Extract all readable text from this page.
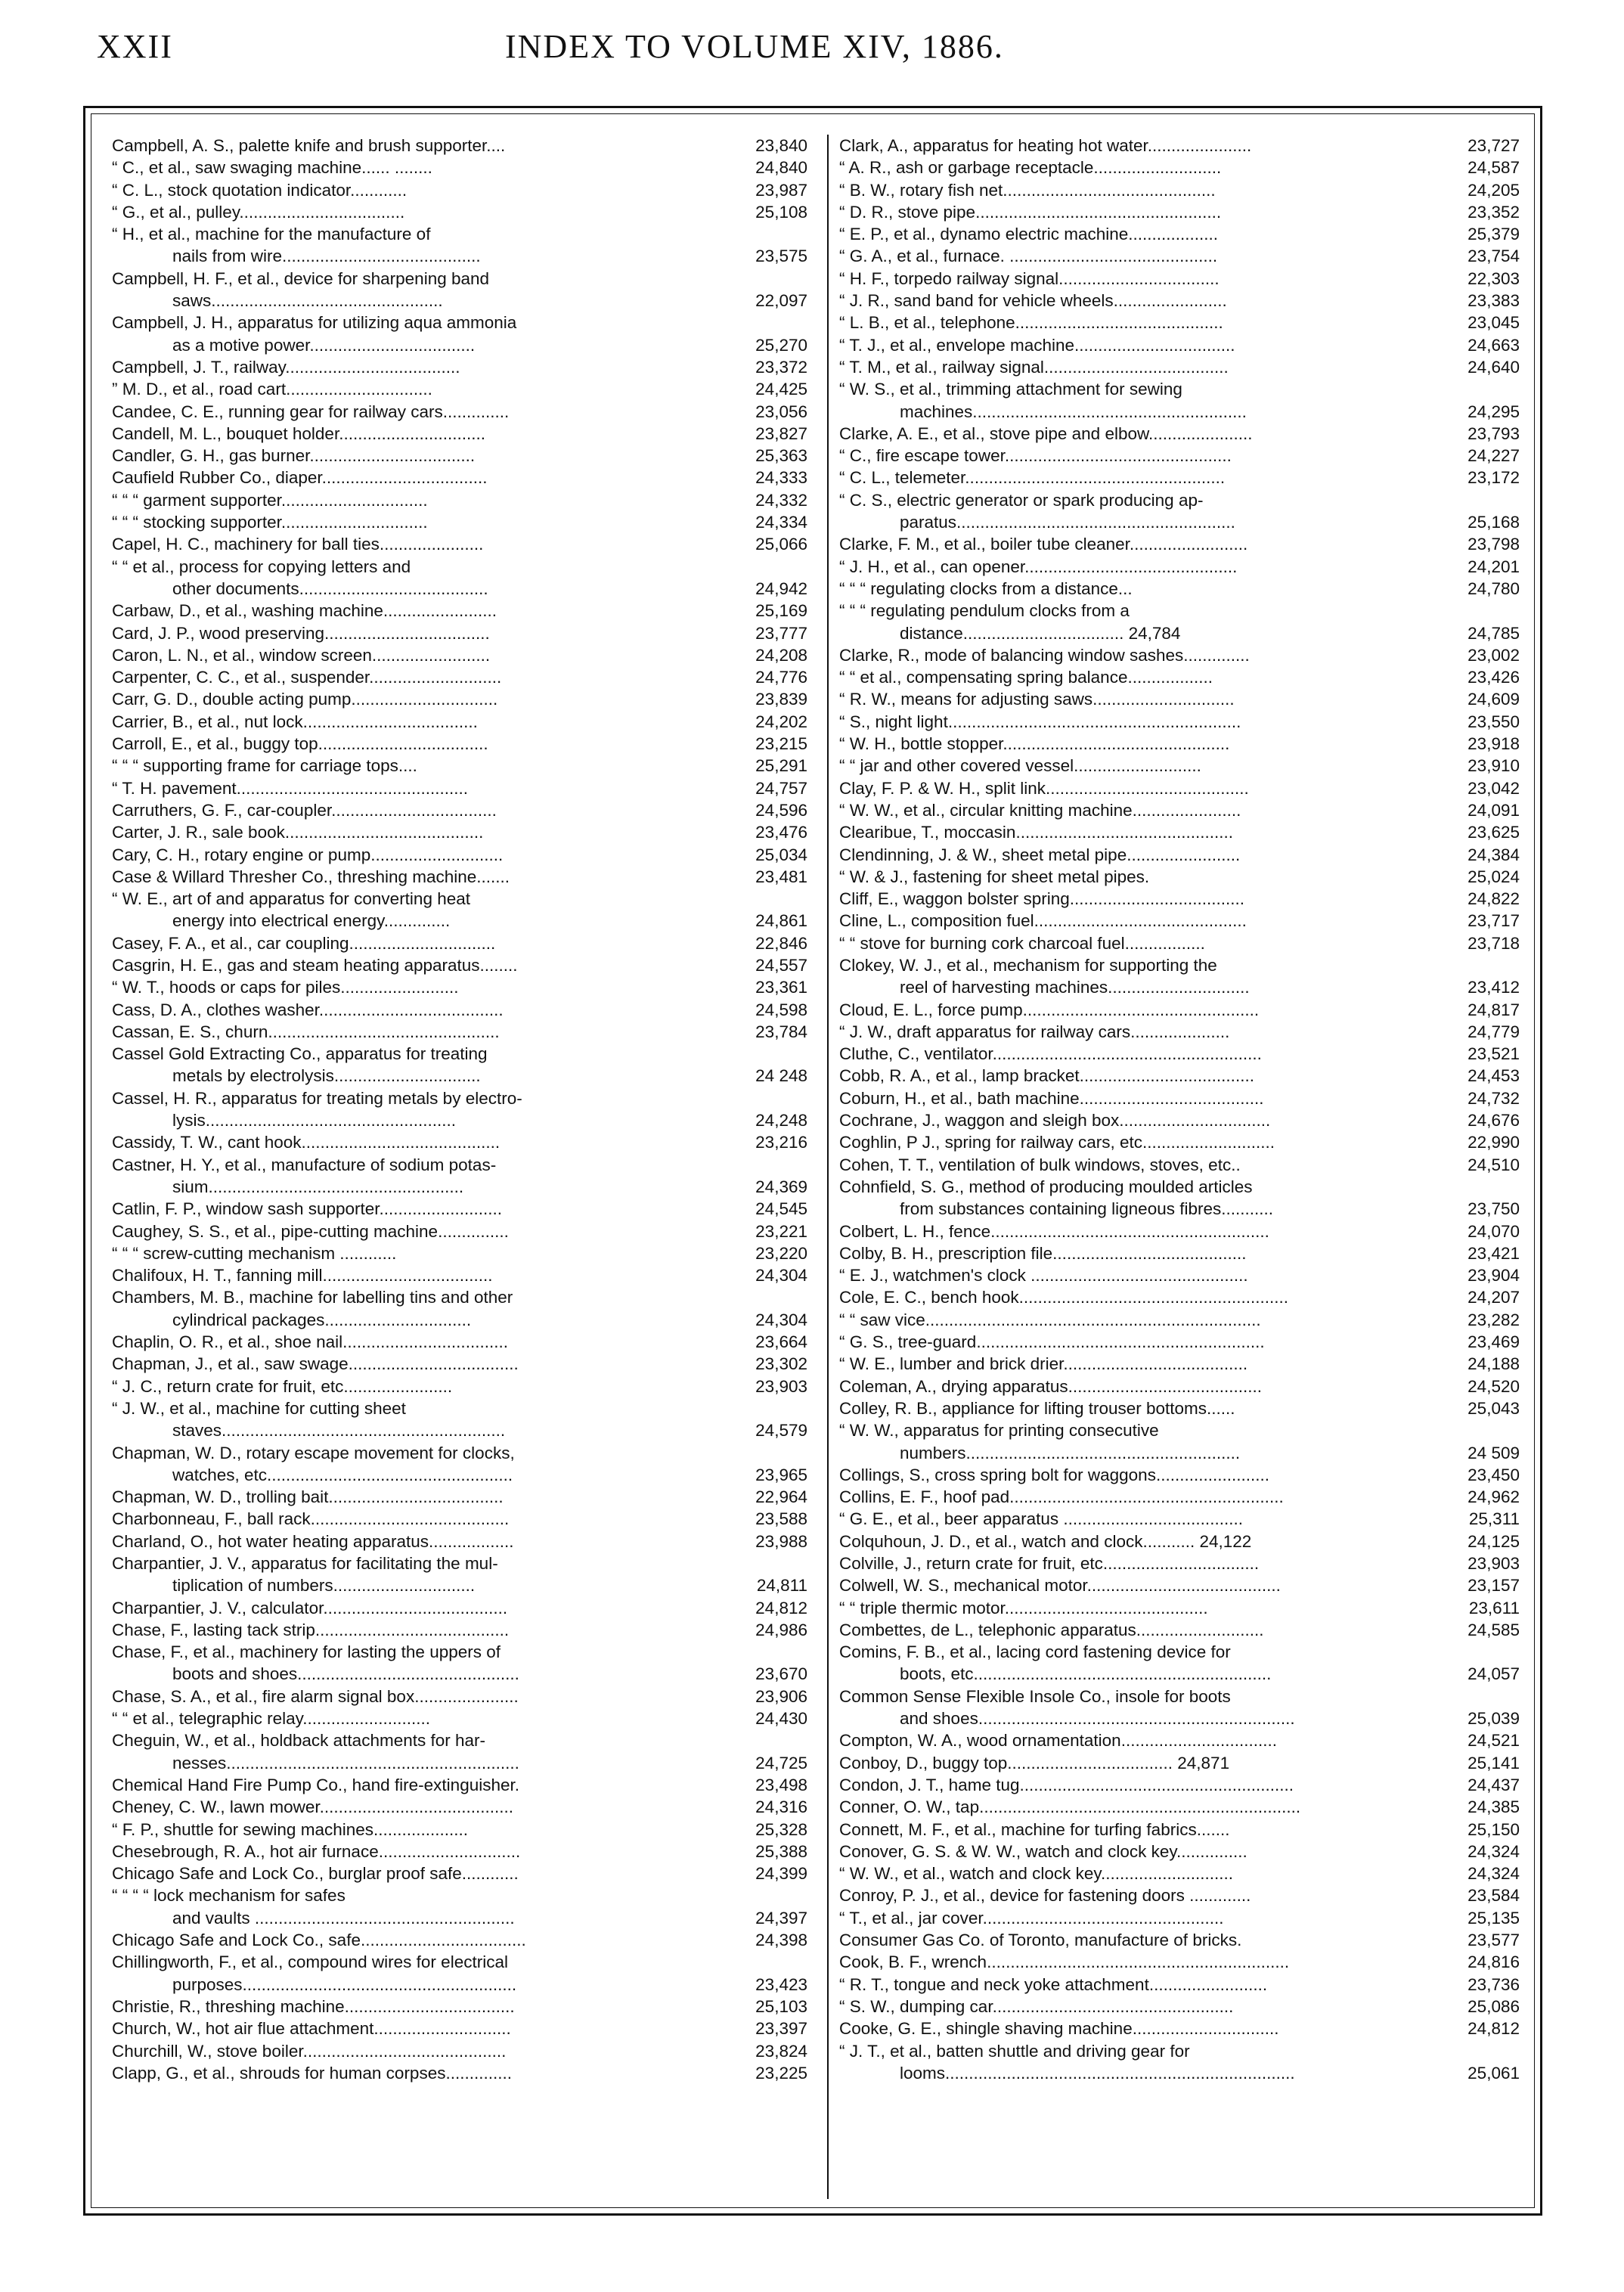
XXII	INDEX TO VOLUME XIV, 1886.
Campbell, A. S., palette knife and brush supporter....	23,840
“ C., et al., saw swaging machine...... ........	24,840
“ C. L., stock quotation indicator............	23,987
“ G., et al., pulley...................................	25,108
“ H., et al., machine for the manufacture of
nails from wire..........................................	23,575
Campbell, H. F., et al., device for sharpening band
saws.................................................	22,097
Campbell, J. H., apparatus for utilizing aqua ammonia
as a motive power...................................	25,270
Campbell, J. T., railway.....................................	23,372
” M. D., et al., road cart...............................	24,425
Candee, C. E., running gear for railway cars..............	23,056
Candell, M. L., bouquet holder...............................	23,827
Candler, G. H., gas burner...................................	25,363
Caufield Rubber Co., diaper...................................	24,333
“ “ “ garment supporter...............................	24,332
“ “ “ stocking supporter...............................	24,334
Capel, H. C., machinery for ball ties......................	25,066
“ “ et al., process for copying letters and
other documents........................................	24,942
Carbaw, D., et al., washing machine........................	25,169
Card, J. P., wood preserving...................................	23,777
Caron, L. N., et al., window screen.........................	24,208
Carpenter, C. C., et al., suspender............................	24,776
Carr, G. D., double acting pump...............................	23,839
Carrier, B., et al., nut lock.....................................	24,202
Carroll, E., et al., buggy top....................................	23,215
“ “ “ supporting frame for carriage tops....	25,291
“ T. H. pavement.................................................	24,757
Carruthers, G. F., car-coupler...................................	24,596
Carter, J. R., sale book..........................................	23,476
Cary, C. H., rotary engine or pump............................	25,034
Case & Willard Thresher Co., threshing machine.......	23,481
“ W. E., art of and apparatus for converting heat
energy into electrical energy..............	24,861
Casey, F. A., et al., car coupling...............................	22,846
Casgrin, H. E., gas and steam heating apparatus........	24,557
“ W. T., hoods or caps for piles.........................	23,361
Cass, D. A., clothes washer.......................................	24,598
Cassan, E. S., churn.................................................	23,784
Cassel Gold Extracting Co., apparatus for treating
metals by electrolysis...............................	24 248
Cassel, H. R., apparatus for treating metals by electro-
lysis.....................................................	24,248
Cassidy, T. W., cant hook..........................................	23,216
Castner, H. Y., et al., manufacture of sodium potas-
sium......................................................	24,369
Catlin, F. P., window sash supporter..........................	24,545
Caughey, S. S., et al., pipe-cutting machine...............	23,221
“ “ “ screw-cutting mechanism ............	23,220
Chalifoux, H. T., fanning mill....................................	24,304
Chambers, M. B., machine for labelling tins and other
cylindrical packages...............................	24,304
Chaplin, O. R., et al., shoe nail...................................	23,664
Chapman, J., et al., saw swage....................................	23,302
“ J. C., return crate for fruit, etc.......................	23,903
“ J. W., et al., machine for cutting sheet
staves............................................................	24,579
Chapman, W. D., rotary escape movement for clocks,
watches, etc....................................................	23,965
Chapman, W. D., trolling bait.....................................	22,964
Charbonneau, F., ball rack..........................................	23,588
Charland, O., hot water heating apparatus..................	23,988
Charpantier, J. V., apparatus for facilitating the mul-
tiplication of numbers..............................	24,811
Charpantier, J. V., calculator.......................................	24,812
Chase, F., lasting tack strip.........................................	24,986
Chase, F., et al., machinery for lasting the uppers of
boots and shoes...............................................	23,670
Chase, S. A., et al., fire alarm signal box......................	23,906
“ “ et al., telegraphic relay...........................	24,430
Cheguin, W., et al., holdback attachments for har-
nesses..............................................................	24,725
Chemical Hand Fire Pump Co., hand fire-extinguisher.	23,498
Cheney, C. W., lawn mower.........................................	24,316
“ F. P., shuttle for sewing machines....................	25,328
Chesebrough, R. A., hot air furnace..............................	25,388
Chicago Safe and Lock Co., burglar proof safe............	24,399
“ “ “ “ lock mechanism for safes
and vaults .......................................................	24,397
Chicago Safe and Lock Co., safe...................................	24,398
Chillingworth, F., et al., compound wires for electrical
purposes..........................................................	23,423
Christie, R., threshing machine....................................	25,103
Church, W., hot air flue attachment.............................	23,397
Churchill, W., stove boiler...........................................	23,824
Clapp, G., et al., shrouds for human corpses..............	23,225
Clark, A., apparatus for heating hot water......................	23,727
“ A. R., ash or garbage receptacle...........................	24,587
“ B. W., rotary fish net.............................................	24,205
“ D. R., stove pipe....................................................	23,352
“ E. P., et al., dynamo electric machine...................	25,379
“ G. A., et al., furnace. ............................................	23,754
“ H. F., torpedo railway signal..................................	22,303
“ J. R., sand band for vehicle wheels........................	23,383
“ L. B., et al., telephone............................................	23,045
“ T. J., et al., envelope machine..................................	24,663
“ T. M., et al., railway signal.......................................	24,640
“ W. S., et al., trimming attachment for sewing
machines..........................................................	24,295
Clarke, A. E., et al., stove pipe and elbow......................	23,793
“ C., fire escape tower................................................	24,227
“ C. L., telemeter.......................................................	23,172
“ C. S., electric generator or spark producing ap-
paratus...........................................................	25,168
Clarke, F. M., et al., boiler tube cleaner.........................	23,798
“ J. H., et al., can opener.............................................	24,201
“ “ “ regulating clocks from a distance...	24,780
“ “ “ regulating pendulum clocks from a
distance.................................. 24,784	24,785
Clarke, R., mode of balancing window sashes..............	23,002
“ “ et al., compensating spring balance..................	23,426
“ R. W., means for adjusting saws..............................	24,609
“ S., night light..............................................................	23,550
“ W. H., bottle stopper................................................	23,918
“ “ jar and other covered vessel...........................	23,910
Clay, F. P. & W. H., split link...........................................	23,042
“ W. W., et al., circular knitting machine.......................	24,091
Clearibue, T., moccasin..............................................	23,625
Clendinning, J. & W., sheet metal pipe........................	24,384
“ W. & J., fastening for sheet metal pipes.	25,024
Cliff, E., waggon bolster spring.....................................	24,822
Cline, L., composition fuel.............................................	23,717
“ “ stove for burning cork charcoal fuel.................	23,718
Clokey, W. J., et al., mechanism for supporting the
reel of harvesting machines..............................	23,412
Cloud, E. L., force pump..................................................	24,817
“ J. W., draft apparatus for railway cars.....................	24,779
Cluthe, C., ventilator.........................................................	23,521
Cobb, R. A., et al., lamp bracket.....................................	24,453
Coburn, H., et al., bath machine.......................................	24,732
Cochrane, J., waggon and sleigh box................................	24,676
Coghlin, P J., spring for railway cars, etc............................	22,990
Cohen, T. T., ventilation of bulk windows, stoves, etc..	24,510
Cohnfield, S. G., method of producing moulded articles
from substances containing ligneous fibres...........	23,750
Colbert, L. H., fence...........................................................	24,070
Colby, B. H., prescription file.........................................	23,421
“ E. J., watchmen's clock ..............................................	23,904
Cole, E. C., bench hook.........................................................	24,207
“ “ saw vice.......................................................................	23,282
“ G. S., tree-guard.............................................................	23,469
“ W. E., lumber and brick drier.......................................	24,188
Coleman, A., drying apparatus.........................................	24,520
Colley, R. B., appliance for lifting trouser bottoms......	25,043
“ W. W., apparatus for printing consecutive
numbers..........................................................	24 509
Collings, S., cross spring bolt for waggons........................	23,450
Collins, E. F., hoof pad..........................................................	24,962
“ G. E., et al., beer apparatus ......................................	25,311
Colquhoun, J. D., et al., watch and clock........... 24,122	24,125
Colville, J., return crate for fruit, etc.................................	23,903
Colwell, W. S., mechanical motor.........................................	23,157
“ “ triple thermic motor...........................................	23,611
Combettes, de L., telephonic apparatus...........................	24,585
Comins, F. B., et al., lacing cord fastening device for
boots, etc...............................................................	24,057
Common Sense Flexible Insole Co., insole for boots
and shoes...................................................................	25,039
Compton, W. A., wood ornamentation.................................	24,521
Conboy, D., buggy top................................... 24,871	25,141
Condon, J. T., hame tug..........................................................	24,437
Conner, O. W., tap....................................................................	24,385
Connett, M. F., et al., machine for turfing fabrics.......	25,150
Conover, G. S. & W. W., watch and clock key...............	24,324
“ W. W., et al., watch and clock key............................	24,324
Conroy, P. J., et al., device for fastening doors .............	23,584
“ T., et al., jar cover...................................................	25,135
Consumer Gas Co. of Toronto, manufacture of bricks.	23,577
Cook, B. F., wrench................................................................	24,816
“ R. T., tongue and neck yoke attachment.........................	23,736
“ S. W., dumping car...................................................	25,086
Cooke, G. E., shingle shaving machine...............................	24,812
“ J. T., et al., batten shuttle and driving gear for
looms..........................................................................	25,061
